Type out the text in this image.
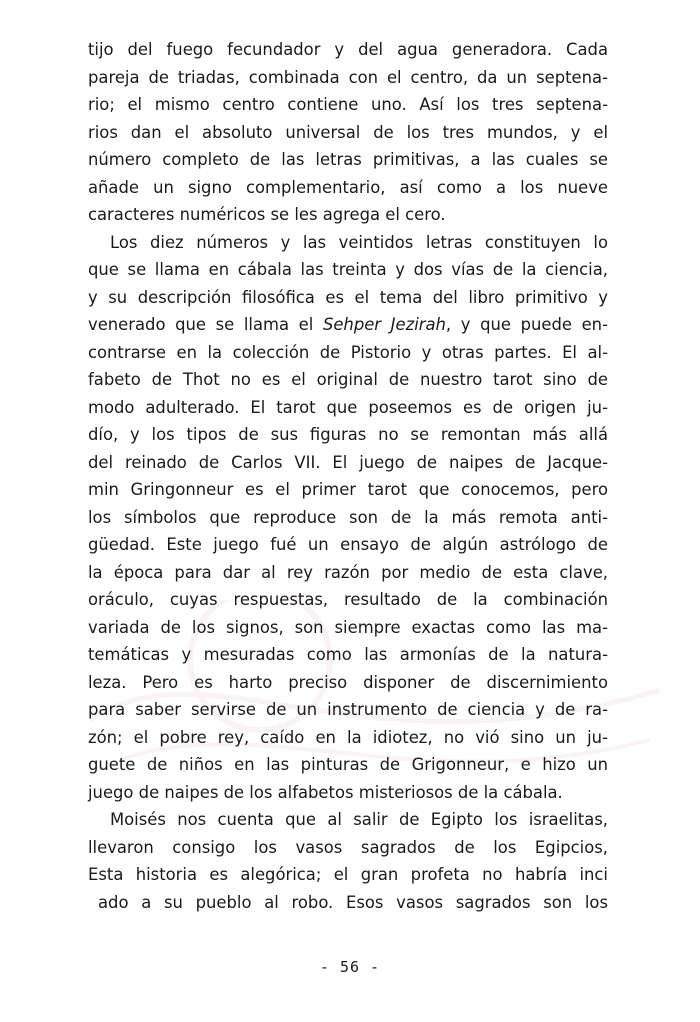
tijo del fuego fecundador y del agua generadora. Cada
pareja de triadas, combinada con el centro, da un septena-
rio; el mismo centro contiene uno. Así los tres septena-
rios dan el absoluto universal de los tres mundos, y el
número completo de las letras primitivas, a las cuales se
añade un signo complementario, así como a los nueve
caracteres numéricos se les agrega el cero.
Los diez números y las veintidos letras constituyen lo
que se llama en cábala las treinta y dos vías de la ciencia,
y su descripción filosófica es el tema del libro primitivo y
venerado que se llama el Sehper Jezirah, y que puede en-
contrarse en la colección de Pistorio y otras partes. El al-
fabeto de Thot no es el original de nuestro tarot sino de
modo adulterado. El tarot que poseemos es de origen ju-
dío, y los tipos de sus figuras no se remontan más allá
del reinado de Carlos VII. El juego de naipes de Jacque-
min Gringonneur es el primer tarot que conocemos, pero
los símbolos que reproduce son de la más remota anti-
güedad. Este juego fué un ensayo de algún astrólogo de
la época para dar al rey razón por medio de esta clave,
oráculo, cuyas respuestas, resultado de la combinación
variada de los signos, son siempre exactas como las ma-
temáticas y mesuradas como las armonías de la natura-
leza. Pero es harto preciso disponer de discernimiento
para saber servirse de un instrumento de ciencia y de ra-
zón; el pobre rey, caído en la idiotez, no vió sino un ju-
guete de niños en las pinturas de Grigonneur, e hizo un
juego de naipes de los alfabetos misteriosos de la cábala.
Moisés nos cuenta que al salir de Egipto los israelitas,
llevaron consigo los vasos sagrados de los Egipcios,
Esta historia es alegórica; el gran profeta no habría inci
ado a su pueblo al robo. Esos vasos sagrados son los
- 56 -
